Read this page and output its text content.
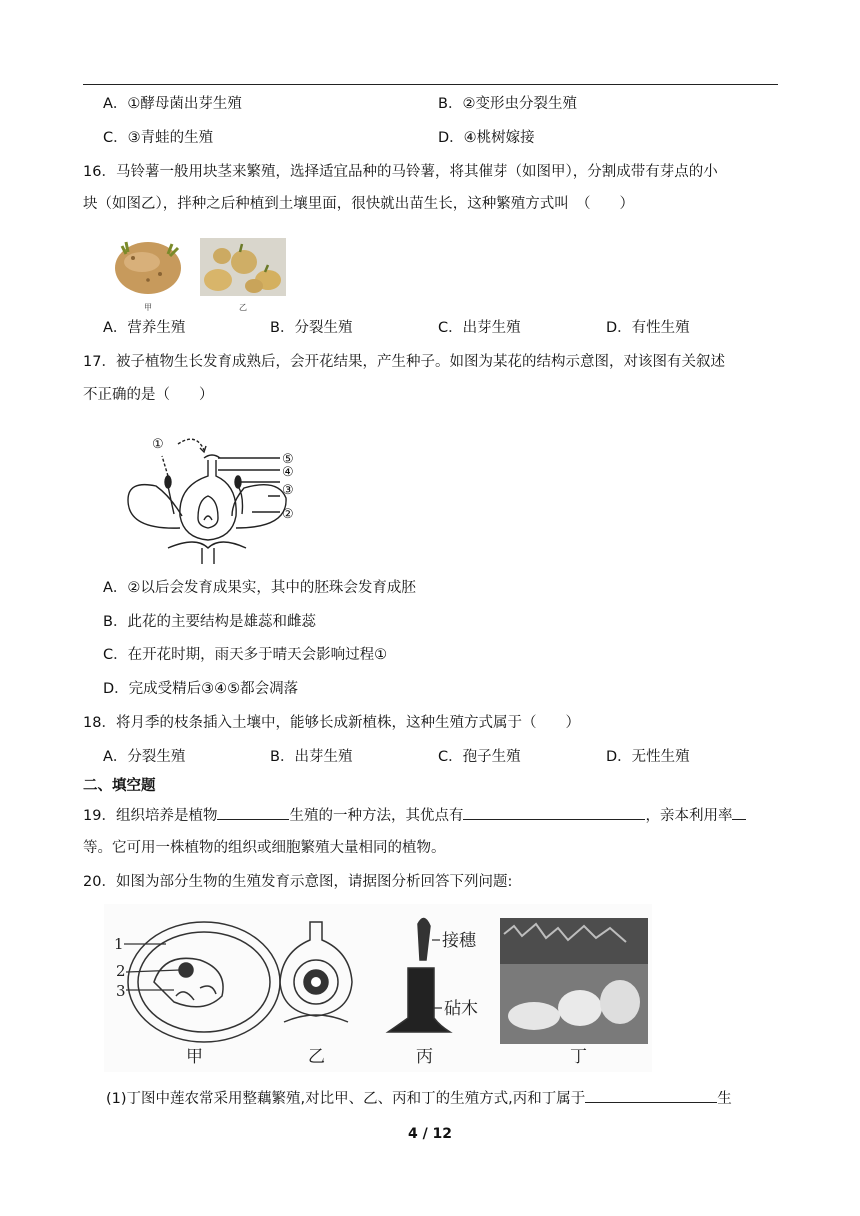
A．①酵母菌出芽生殖	B．②变形虫分裂生殖
C．③青蛙的生殖	D．④桃树嫁接
16．马铃薯一般用块茎来繁殖，选择适宜品种的马铃薯，将其催芽（如图甲），分割成带有芽点的小
块（如图乙），拌种之后种植到土壤里面，很快就出苗生长，这种繁殖方式叫　（　　）
甲	乙
A．营养生殖	B．分裂生殖	C．出芽生殖	D．有性生殖
17．被子植物生长发育成熟后，会开花结果，产生种子。如图为某花的结构示意图，对该图有关叙述
不正确的是（　　）
①
⑤
④
③
②
A．②以后会发育成果实，其中的胚珠会发育成胚
B．此花的主要结构是雄蕊和雌蕊
C．在开花时期，雨天多于晴天会影响过程①
D．完成受精后③④⑤都会凋落
18．将月季的枝条插入土壤中，能够长成新植株，这种生殖方式属于（　　）
A．分裂生殖	B．出芽生殖	C．孢子生殖	D．无性生殖
二、填空题
19．组织培养是植物	生殖的一种方法，其优点有	，亲本利用率
等。它可用一株植物的组织或细胞繁殖大量相同的植物。
20．如图为部分生物的生殖发育示意图，请据图分析回答下列问题:
1
2
3
接穗
砧木
甲	乙	丙	丁
(1)丁图中莲农常采用整藕繁殖,对比甲、乙、丙和丁的生殖方式,丙和丁属于	生
4 / 12
